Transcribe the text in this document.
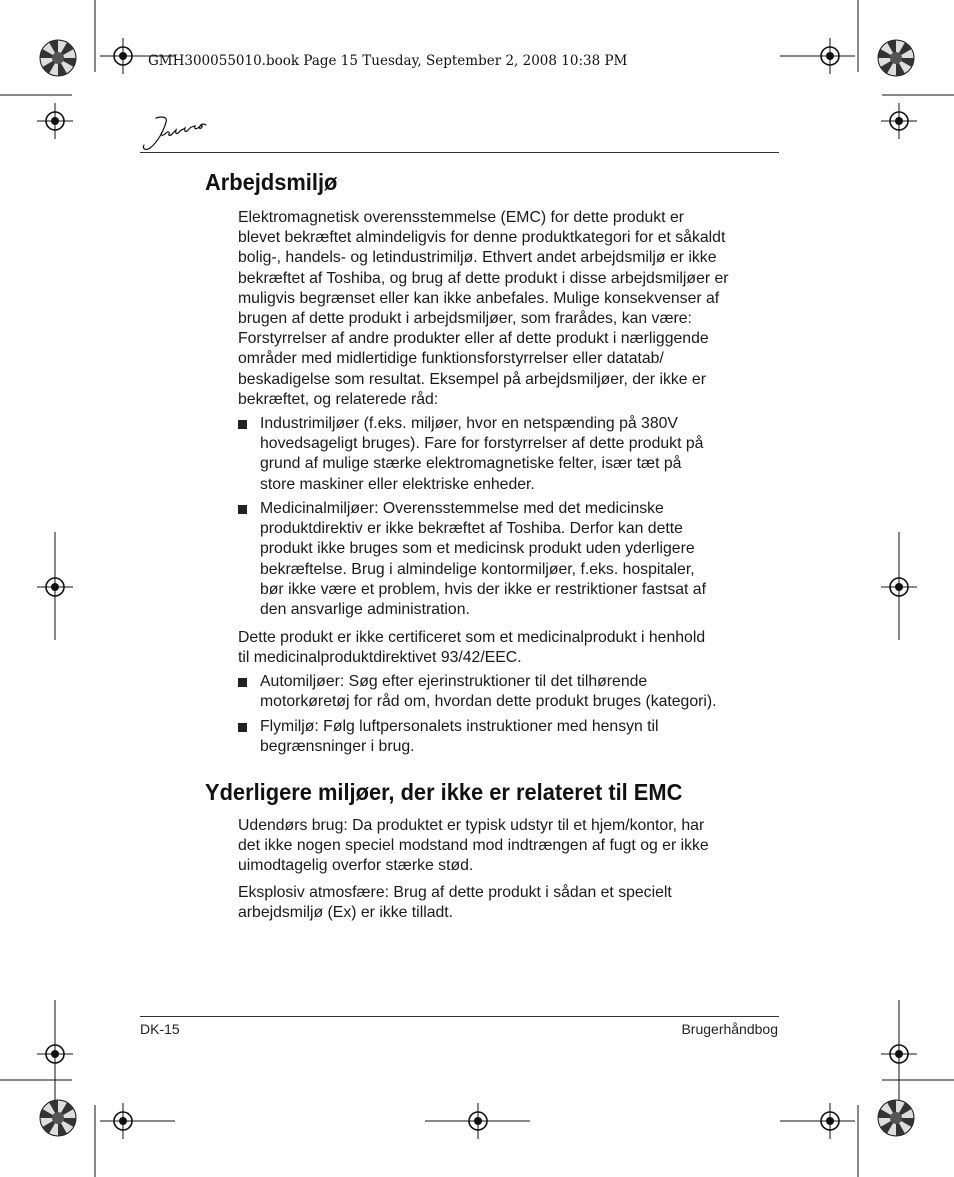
GMH300055010.book Page 15 Tuesday, September 2, 2008 10:38 PM
Arbejdsmiljø
Elektromagnetisk overensstemmelse (EMC) for dette produkt er
blevet bekræftet almindeligvis for denne produktkategori for et såkaldt
bolig-, handels- og letindustrimiljø. Ethvert andet arbejdsmiljø er ikke
bekræftet af Toshiba, og brug af dette produkt i disse arbejdsmiljøer er
muligvis begrænset eller kan ikke anbefales. Mulige konsekvenser af
brugen af dette produkt i arbejdsmiljøer, som frarådes, kan være:
Forstyrrelser af andre produkter eller af dette produkt i nærliggende
områder med midlertidige funktionsforstyrrelser eller datatab/
beskadigelse som resultat. Eksempel på arbejdsmiljøer, der ikke er
bekræftet, og relaterede råd:
Industrimiljøer (f.eks. miljøer, hvor en netspænding på 380V
hovedsageligt bruges). Fare for forstyrrelser af dette produkt på
grund af mulige stærke elektromagnetiske felter, især tæt på
store maskiner eller elektriske enheder.
Medicinalmiljøer: Overensstemmelse med det medicinske
produktdirektiv er ikke bekræftet af Toshiba. Derfor kan dette
produkt ikke bruges som et medicinsk produkt uden yderligere
bekræftelse. Brug i almindelige kontormiljøer, f.eks. hospitaler,
bør ikke være et problem, hvis der ikke er restriktioner fastsat af
den ansvarlige administration.
Dette produkt er ikke certificeret som et medicinalprodukt i henhold
til medicinalproduktdirektivet 93/42/EEC.
Automiljøer: Søg efter ejerinstruktioner til det tilhørende
motorkøretøj for råd om, hvordan dette produkt bruges (kategori).
Flymiljø: Følg luftpersonalets instruktioner med hensyn til
begrænsninger i brug.
Yderligere miljøer, der ikke er relateret til EMC
Udendørs brug: Da produktet er typisk udstyr til et hjem/kontor, har
det ikke nogen speciel modstand mod indtrængen af fugt og er ikke
uimodtagelig overfor stærke stød.
Eksplosiv atmosfære: Brug af dette produkt i sådan et specielt
arbejdsmiljø (Ex) er ikke tilladt.
DK-15	Brugerhåndbog
